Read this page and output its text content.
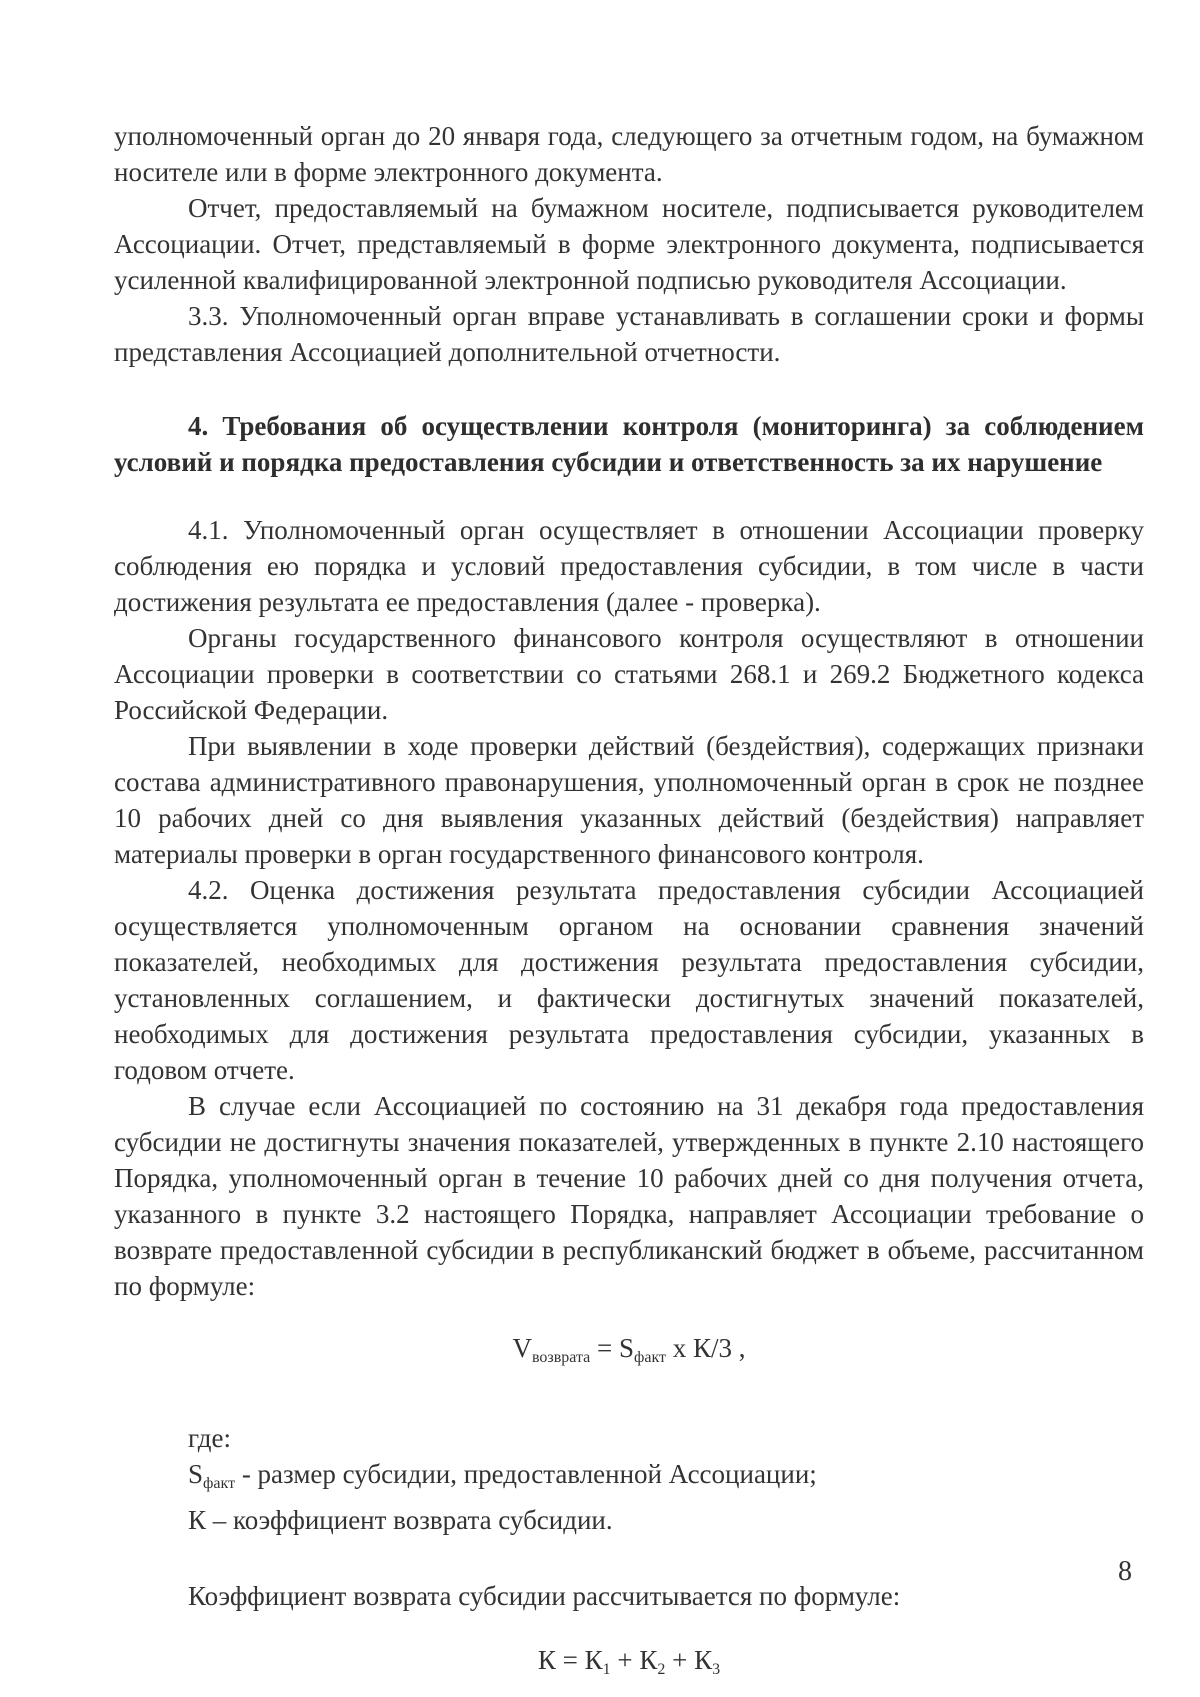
уполномоченный орган до 20 января года, следующего за отчетным годом, на бумажном носителе или в форме электронного документа.

Отчет, предоставляемый на бумажном носителе, подписывается руководителем Ассоциации. Отчет, представляемый в форме электронного документа, подписывается усиленной квалифицированной электронной подписью руководителя Ассоциации.

3.3. Уполномоченный орган вправе устанавливать в соглашении сроки и формы представления Ассоциацией дополнительной отчетности.

4. Требования об осуществлении контроля (мониторинга) за соблюдением условий и порядка предоставления субсидии и ответственность за их нарушение

4.1. Уполномоченный орган осуществляет в отношении Ассоциации проверку соблюдения ею порядка и условий предоставления субсидии, в том числе в части достижения результата ее предоставления (далее - проверка).

Органы государственного финансового контроля осуществляют в отношении Ассоциации проверки в соответствии со статьями 268.1 и 269.2 Бюджетного кодекса Российской Федерации.

При выявлении в ходе проверки действий (бездействия), содержащих признаки состава административного правонарушения, уполномоченный орган в срок не позднее 10 рабочих дней со дня выявления указанных действий (бездействия) направляет материалы проверки в орган государственного финансового контроля.

4.2. Оценка достижения результата предоставления субсидии Ассоциацией осуществляется уполномоченным органом на основании сравнения значений показателей, необходимых для достижения результата предоставления субсидии, установленных соглашением, и фактически достигнутых значений показателей, необходимых для достижения результата предоставления субсидии, указанных в годовом отчете.

В случае если Ассоциацией по состоянию на 31 декабря года предоставления субсидии не достигнуты значения показателей, утвержденных в пункте 2.10 настоящего Порядка, уполномоченный орган в течение 10 рабочих дней со дня получения отчета, указанного в пункте 3.2 настоящего Порядка, направляет Ассоциации требование о возврате предоставленной субсидии в республиканский бюджет в объеме, рассчитанном по формуле:

$V_{возврата} = S_{факт}$ x К/3 ,
где:
$S_{факт}$ - размер субсидии, предоставленной Ассоциации;
К – коэффициент возврата субсидии.
Коэффициент возврата субсидии рассчитывается по формуле:
$К = К_1 + К_2 + К_3$
8
